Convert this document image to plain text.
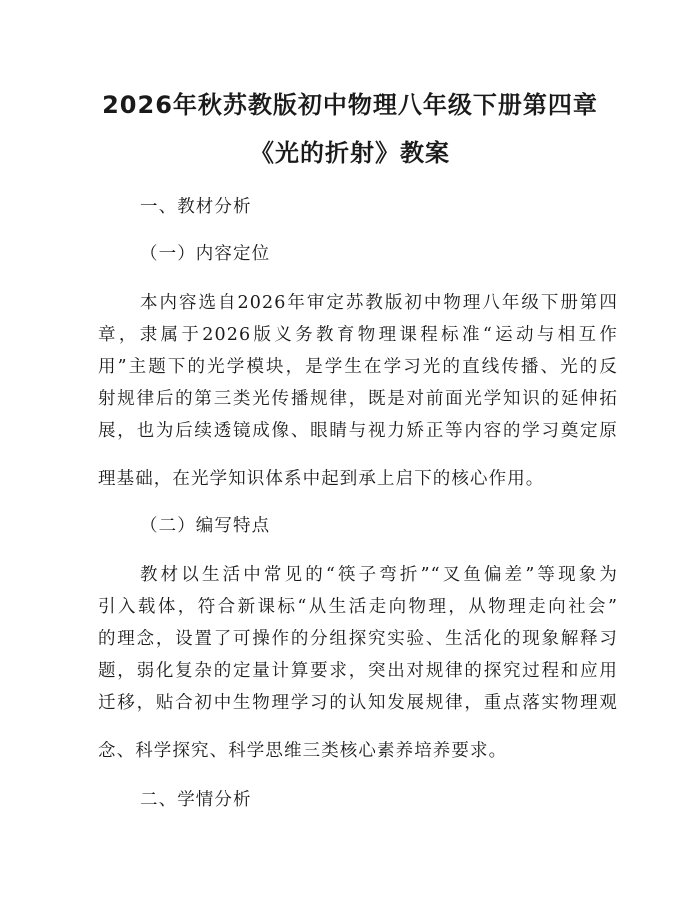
2026年秋苏教版初中物理八年级下册第四章
《光的折射》教案
一、教材分析
（一）内容定位
本内容选自2026年审定苏教版初中物理八年级下册第四
章，隶属于2026版义务教育物理课程标准“运动与相互作
用”主题下的光学模块，是学生在学习光的直线传播、光的反
射规律后的第三类光传播规律，既是对前面光学知识的延伸拓
展，也为后续透镜成像、眼睛与视力矫正等内容的学习奠定原
理基础，在光学知识体系中起到承上启下的核心作用。
（二）编写特点
教材以生活中常见的“筷子弯折”“叉鱼偏差”等现象为
引入载体，符合新课标“从生活走向物理，从物理走向社会”
的理念，设置了可操作的分组探究实验、生活化的现象解释习
题，弱化复杂的定量计算要求，突出对规律的探究过程和应用
迁移，贴合初中生物理学习的认知发展规律，重点落实物理观
念、科学探究、科学思维三类核心素养培养要求。
二、学情分析
